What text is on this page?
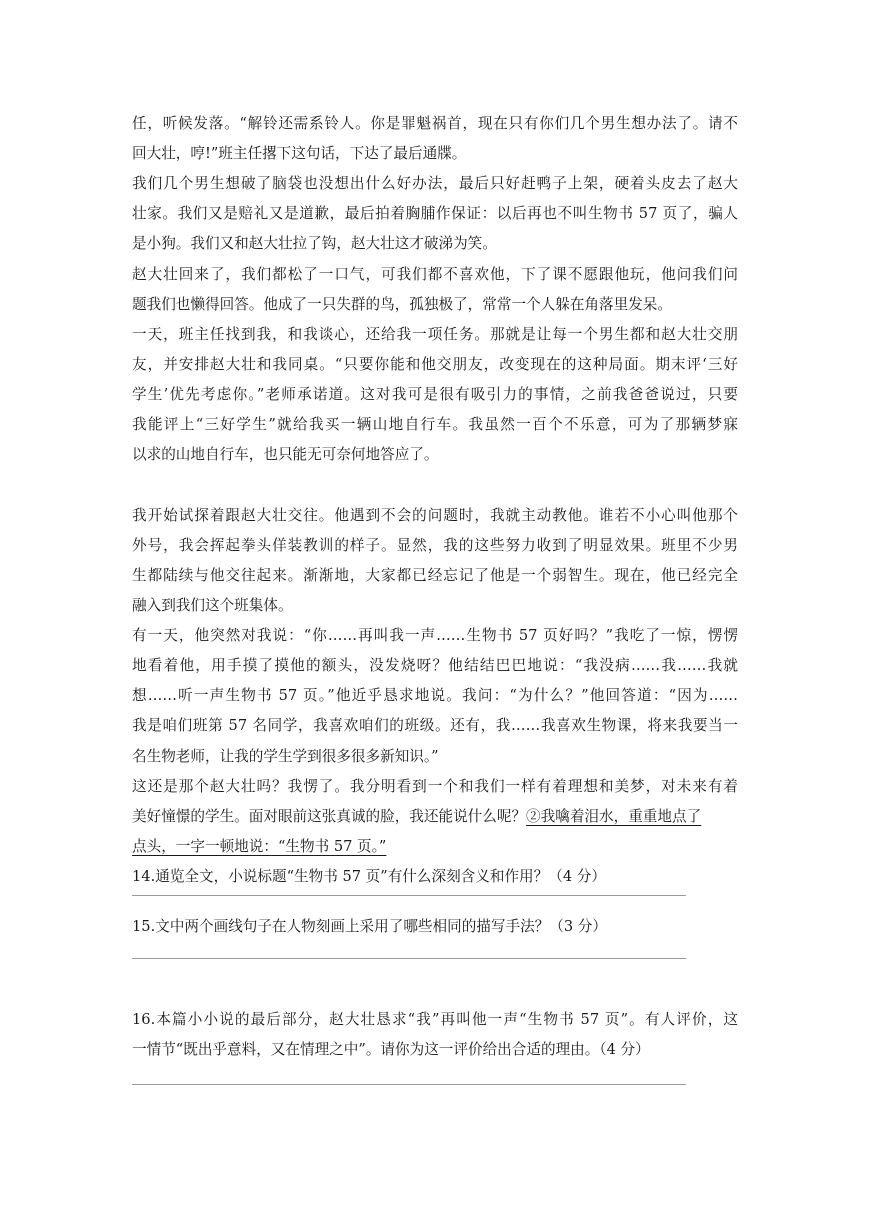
任，听候发落。“解铃还需系铃人。你是罪魁祸首，现在只有你们几个男生想办法了。请不
回大壮，哼!”班主任撂下这句话，下达了最后通牒。
我们几个男生想破了脑袋也没想出什么好办法，最后只好赶鸭子上架，硬着头皮去了赵大
壮家。我们又是赔礼又是道歉，最后拍着胸脯作保证：以后再也不叫生物书 57 页了，骗人
是小狗。我们又和赵大壮拉了钩，赵大壮这才破涕为笑。
赵大壮回来了，我们都松了一口气，可我们都不喜欢他，下了课不愿跟他玩，他问我们问
题我们也懒得回答。他成了一只失群的鸟，孤独极了，常常一个人躲在角落里发呆。
一天，班主任找到我，和我谈心，还给我一项任务。那就是让每一个男生都和赵大壮交朋
友，并安排赵大壮和我同桌。“只要你能和他交朋友，改变现在的这种局面。期末评‘三好
学生’优先考虑你。”老师承诺道。这对我可是很有吸引力的事情，之前我爸爸说过，只要
我能评上“三好学生”就给我买一辆山地自行车。我虽然一百个不乐意，可为了那辆梦寐
以求的山地自行车，也只能无可奈何地答应了。
我开始试探着跟赵大壮交往。他遇到不会的问题时，我就主动教他。谁若不小心叫他那个
外号，我会挥起拳头佯装教训的样子。显然，我的这些努力收到了明显效果。班里不少男
生都陆续与他交往起来。渐渐地，大家都已经忘记了他是一个弱智生。现在，他已经完全
融入到我们这个班集体。
有一天，他突然对我说：“你……再叫我一声……生物书 57 页好吗？”我吃了一惊，愣愣
地看着他，用手摸了摸他的额头，没发烧呀？他结结巴巴地说：“我没病……我……我就
想……听一声生物书 57 页。”他近乎恳求地说。我问：“为什么？”他回答道：“因为……
我是咱们班第 57 名同学，我喜欢咱们的班级。还有，我……我喜欢生物课，将来我要当一
名生物老师，让我的学生学到很多很多新知识。”
这还是那个赵大壮吗？我愣了。我分明看到一个和我们一样有着理想和美梦，对未来有着
美好憧憬的学生。面对眼前这张真诚的脸，我还能说什么呢？②我噙着泪水，重重地点了
点头，一字一顿地说：“生物书 57 页。”
14.通览全文，小说标题“生物书 57 页”有什么深刻含义和作用？（4 分）
15.文中两个画线句子在人物刻画上采用了哪些相同的描写手法？（3 分）
16.本篇小小说的最后部分，赵大壮恳求“我”再叫他一声“生物书 57 页”。有人评价，这
一情节“既出乎意料，又在情理之中”。请你为这一评价给出合适的理由。（4 分）
